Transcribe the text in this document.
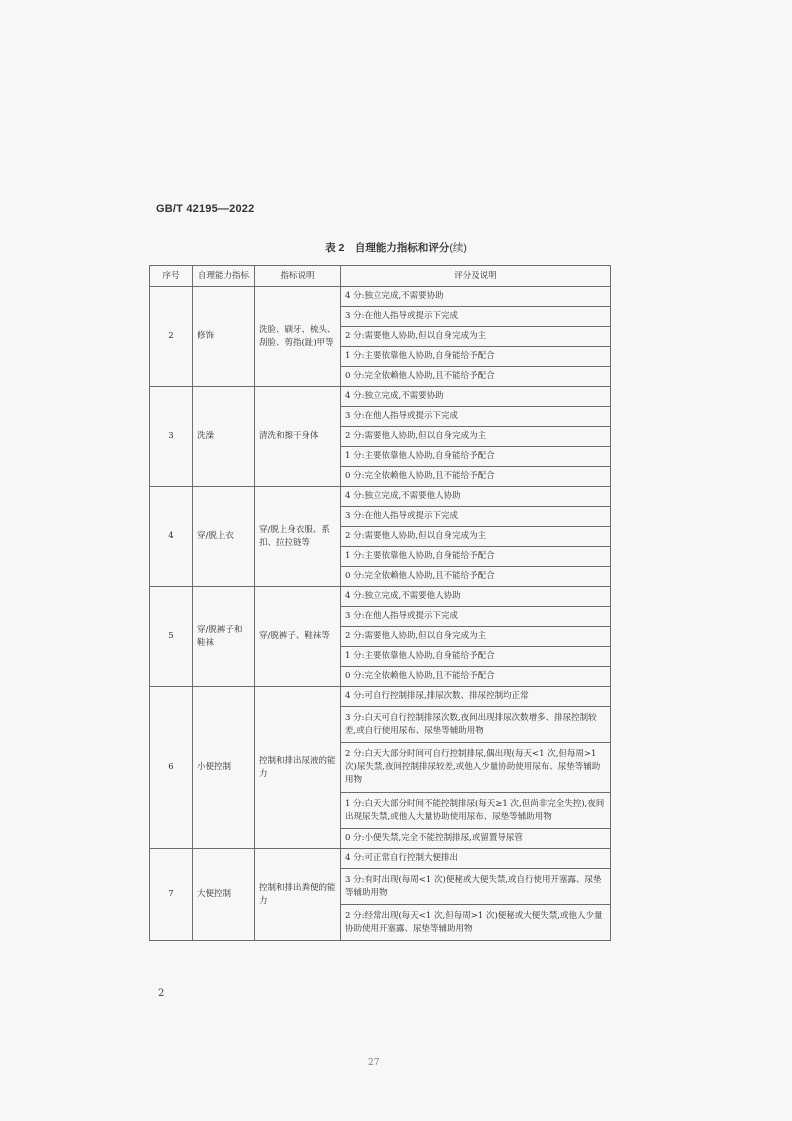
GB/T 42195—2022
表 2　自理能力指标和评分(续)
序号	自理能力指标	指标说明	评分及说明
2	修饰	洗脸、刷牙、梳头、刮脸、剪指(趾)甲等	4 分:独立完成,不需要协助
			3 分:在他人指导或提示下完成
			2 分:需要他人协助,但以自身完成为主
			1 分:主要依靠他人协助,自身能给予配合
			0 分:完全依赖他人协助,且不能给予配合
3	洗澡	清洗和擦干身体	4 分:独立完成,不需要协助
			3 分:在他人指导或提示下完成
			2 分:需要他人协助,但以自身完成为主
			1 分:主要依靠他人协助,自身能给予配合
			0 分:完全依赖他人协助,且不能给予配合
4	穿/脱上衣	穿/脱上身衣服、系扣、拉拉链等	4 分:独立完成,不需要他人协助
			3 分:在他人指导或提示下完成
			2 分:需要他人协助,但以自身完成为主
			1 分:主要依靠他人协助,自身能给予配合
			0 分:完全依赖他人协助,且不能给予配合
5	穿/脱裤子和鞋袜	穿/脱裤子、鞋袜等	4 分:独立完成,不需要他人协助
			3 分:在他人指导或提示下完成
			2 分:需要他人协助,但以自身完成为主
			1 分:主要依靠他人协助,自身能给予配合
			0 分:完全依赖他人协助,且不能给予配合
6	小便控制	控制和排出尿液的能力	4 分:可自行控制排尿,排尿次数、排尿控制均正常
			3 分:白天可自行控制排尿次数,夜间出现排尿次数增多、排尿控制较差,或自行使用尿布、尿垫等辅助用物
			2 分:白天大部分时间可自行控制排尿,偶出现(每天<1 次,但每周>1 次)尿失禁,夜间控制排尿较差,或他人少量协助使用尿布、尿垫等辅助用物
			1 分:白天大部分时间不能控制排尿(每天≥1 次,但尚非完全失控),夜间出现尿失禁,或他人大量协助使用尿布、尿垫等辅助用物
			0 分:小便失禁,完全不能控制排尿,或留置导尿管
7	大便控制	控制和排出粪便的能力	4 分:可正常自行控制大便排出
			3 分:有时出现(每周<1 次)便秘或大便失禁,或自行使用开塞露、尿垫等辅助用物
			2 分:经常出现(每天<1 次,但每周>1 次)便秘或大便失禁,或他人少量协助使用开塞露、尿垫等辅助用物
2
27
